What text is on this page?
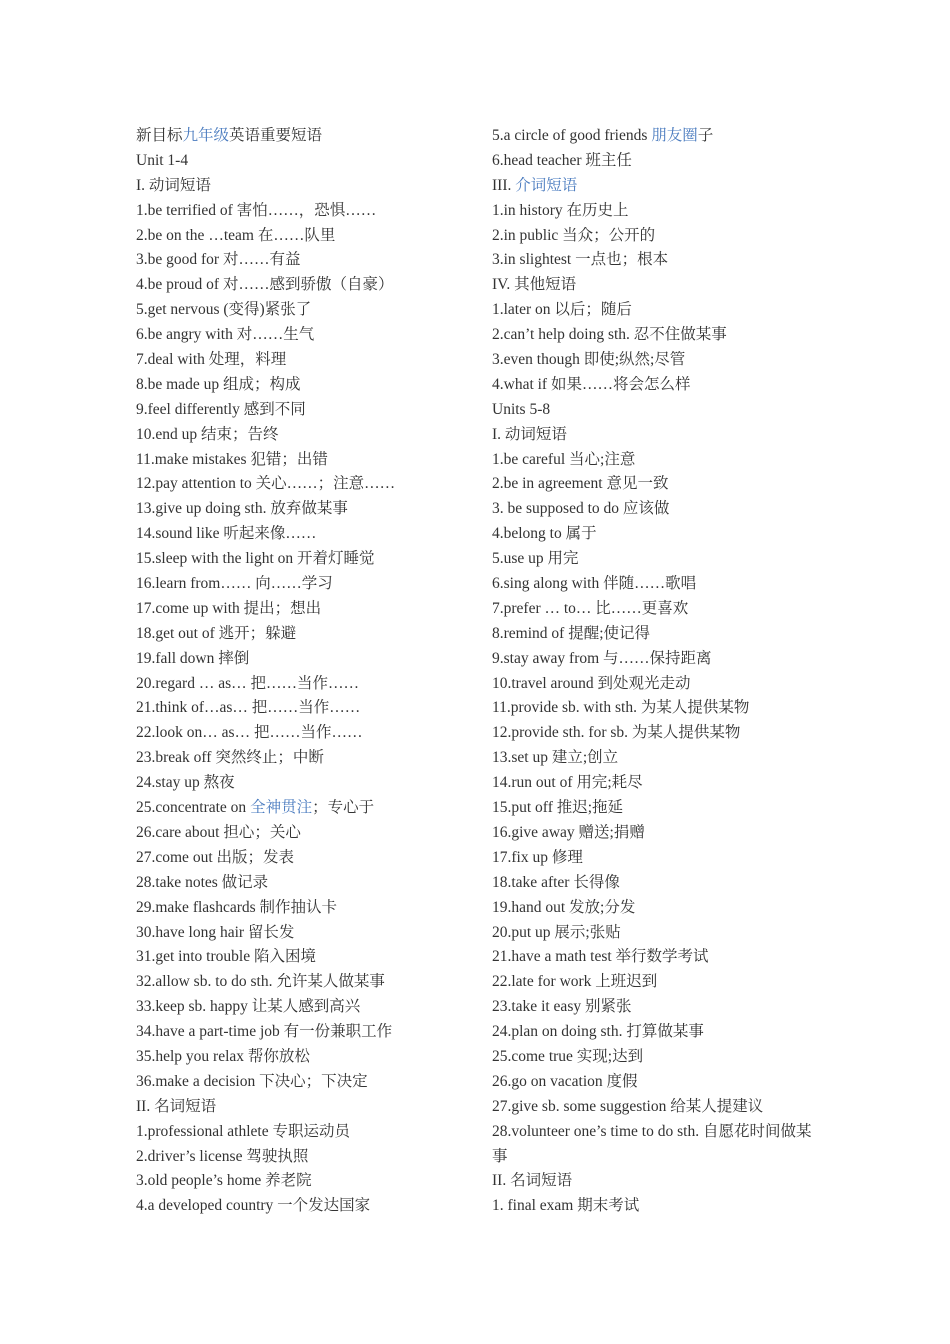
新目标九年级英语重要短语
Unit 1-4
I. 动词短语
1.be terrified of 害怕……，恐惧……
2.be on the …team 在……队里
3.be good for 对……有益
4.be proud of 对……感到骄傲（自豪）
5.get nervous (变得)紧张了
6.be angry with 对……生气
7.deal with 处理，料理
8.be made up 组成；构成
9.feel differently 感到不同
10.end up 结束；告终
11.make mistakes 犯错；出错
12.pay attention to 关心……；注意……
13.give up doing sth. 放弃做某事
14.sound like 听起来像……
15.sleep with the light on 开着灯睡觉
16.learn from…… 向……学习
17.come up with 提出；想出
18.get out of 逃开；躲避
19.fall down 摔倒
20.regard … as… 把……当作……
21.think of…as… 把……当作……
22.look on… as… 把……当作……
23.break off 突然终止；中断
24.stay up 熬夜
25.concentrate on 全神贯注；专心于
26.care about 担心；关心
27.come out 出版；发表
28.take notes 做记录
29.make flashcards 制作抽认卡
30.have long hair 留长发
31.get into trouble 陷入困境
32.allow sb. to do sth. 允许某人做某事
33.keep sb. happy 让某人感到高兴
34.have a part-time job 有一份兼职工作
35.help you relax 帮你放松
36.make a decision 下决心；下决定
II. 名词短语
1.professional athlete 专职运动员
2.driver’s license 驾驶执照
3.old people’s home 养老院
4.a developed country 一个发达国家
5.a circle of good friends 朋友圈子
6.head teacher 班主任
III. 介词短语
1.in history 在历史上
2.in public 当众；公开的
3.in slightest 一点也；根本
IV. 其他短语
1.later on 以后；随后
2.can’t help doing sth. 忍不住做某事
3.even though 即使;纵然;尽管
4.what if 如果……将会怎么样
Units 5-8
I. 动词短语
1.be careful 当心;注意
2.be in agreement 意见一致
3. be supposed to do 应该做
4.belong to 属于
5.use up 用完
6.sing along with 伴随……歌唱
7.prefer … to… 比……更喜欢
8.remind of 提醒;使记得
9.stay away from 与……保持距离
10.travel around 到处观光走动
11.provide sb. with sth. 为某人提供某物
12.provide sth. for sb. 为某人提供某物
13.set up 建立;创立
14.run out of 用完;耗尽
15.put off 推迟;拖延
16.give away 赠送;捐赠
17.fix up 修理
18.take after 长得像
19.hand out 发放;分发
20.put up 展示;张贴
21.have a math test 举行数学考试
22.late for work 上班迟到
23.take it easy 别紧张
24.plan on doing sth. 打算做某事
25.come true 实现;达到
26.go on vacation 度假
27.give sb. some suggestion 给某人提建议
28.volunteer one’s time to do sth. 自愿花时间做某事
II. 名词短语
1. final exam 期末考试
